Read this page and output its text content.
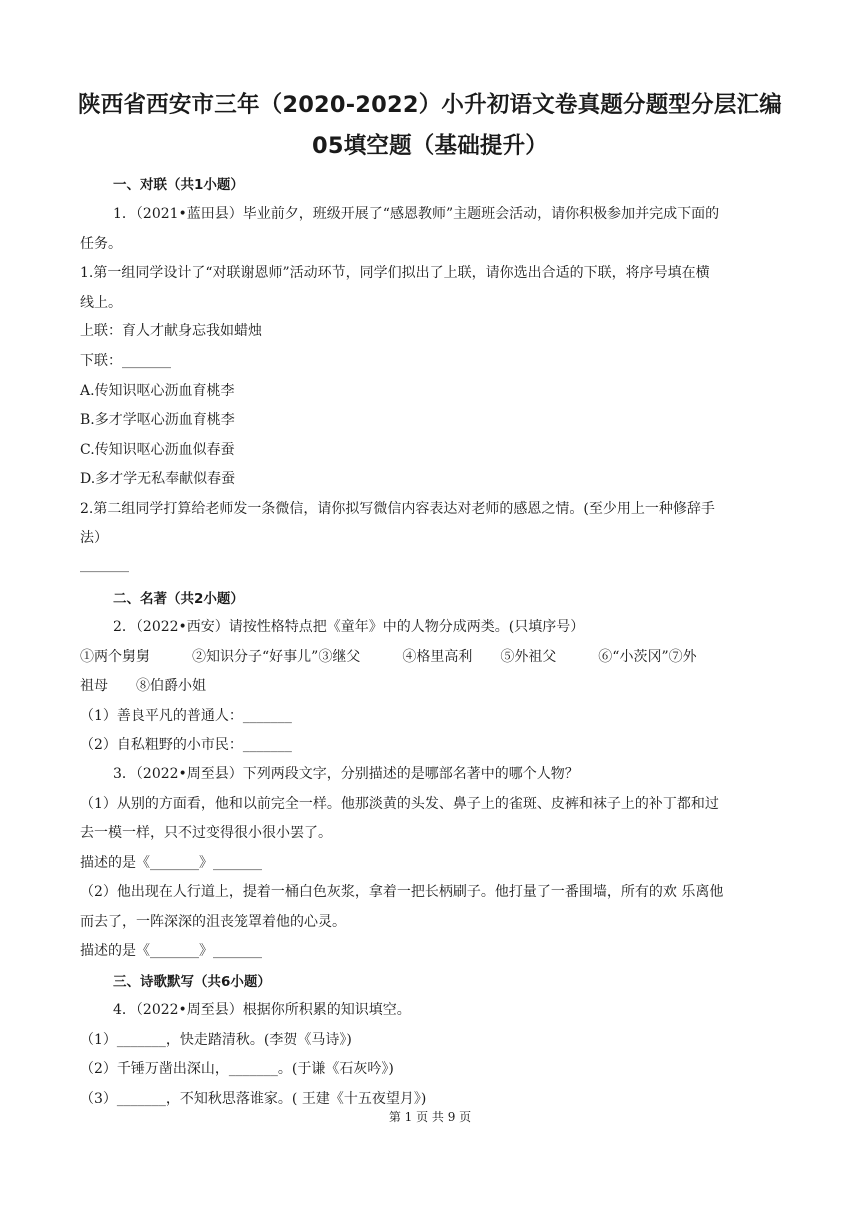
陕西省西安市三年（2020-2022）小升初语文卷真题分题型分层汇编
05填空题（基础提升）
一、对联（共1小题）
1．（2021•蓝田县）毕业前夕，班级开展了“感恩教师”主题班会活动，请你积极参加并完成下面的
任务。
1.第一组同学设计了“对联谢恩师”活动环节，同学们拟出了上联，请你选出合适的下联，将序号填在横
线上。
上联：育人才献身忘我如蜡烛
下联：_______
A.传知识呕心沥血育桃李
B.多才学呕心沥血育桃李
C.传知识呕心沥血似春蚕
D.多才学无私奉献似春蚕
2.第二组同学打算给老师发一条微信，请你拟写微信内容表达对老师的感恩之情。(至少用上一种修辞手
法）
_______
二、名著（共2小题）
2．（2022•西安）请按性格特点把《童年》中的人物分成两类。(只填序号）
①两个舅舅　　　②知识分子“好事儿”③继父　　　④格里高利　　⑤外祖父　　　⑥“小茨冈”⑦外
祖母　　⑧伯爵小姐
（1）善良平凡的普通人：_______
（2）自私粗野的小市民：_______
3．（2022•周至县）下列两段文字，分别描述的是哪部名著中的哪个人物？
（1）从别的方面看，他和以前完全一样。他那淡黄的头发、鼻子上的雀斑、皮裤和袜子上的补丁都和过
去一模一样，只不过变得很小很小罢了。
描述的是《_______》_______
（2）他出现在人行道上，提着一桶白色灰浆，拿着一把长柄刷子。他打量了一番围墙，所有的欢 乐离他
而去了，一阵深深的沮丧笼罩着他的心灵。
描述的是《_______》_______
三、诗歌默写（共6小题）
4．（2022•周至县）根据你所积累的知识填空。
（1）_______，快走踏清秋。(李贺《马诗》)
（2）千锤万凿出深山，_______。(于谦《石灰吟》)
（3）_______，不知秋思落谁家。( 王建《十五夜望月》)
第 1 页 共 9 页
